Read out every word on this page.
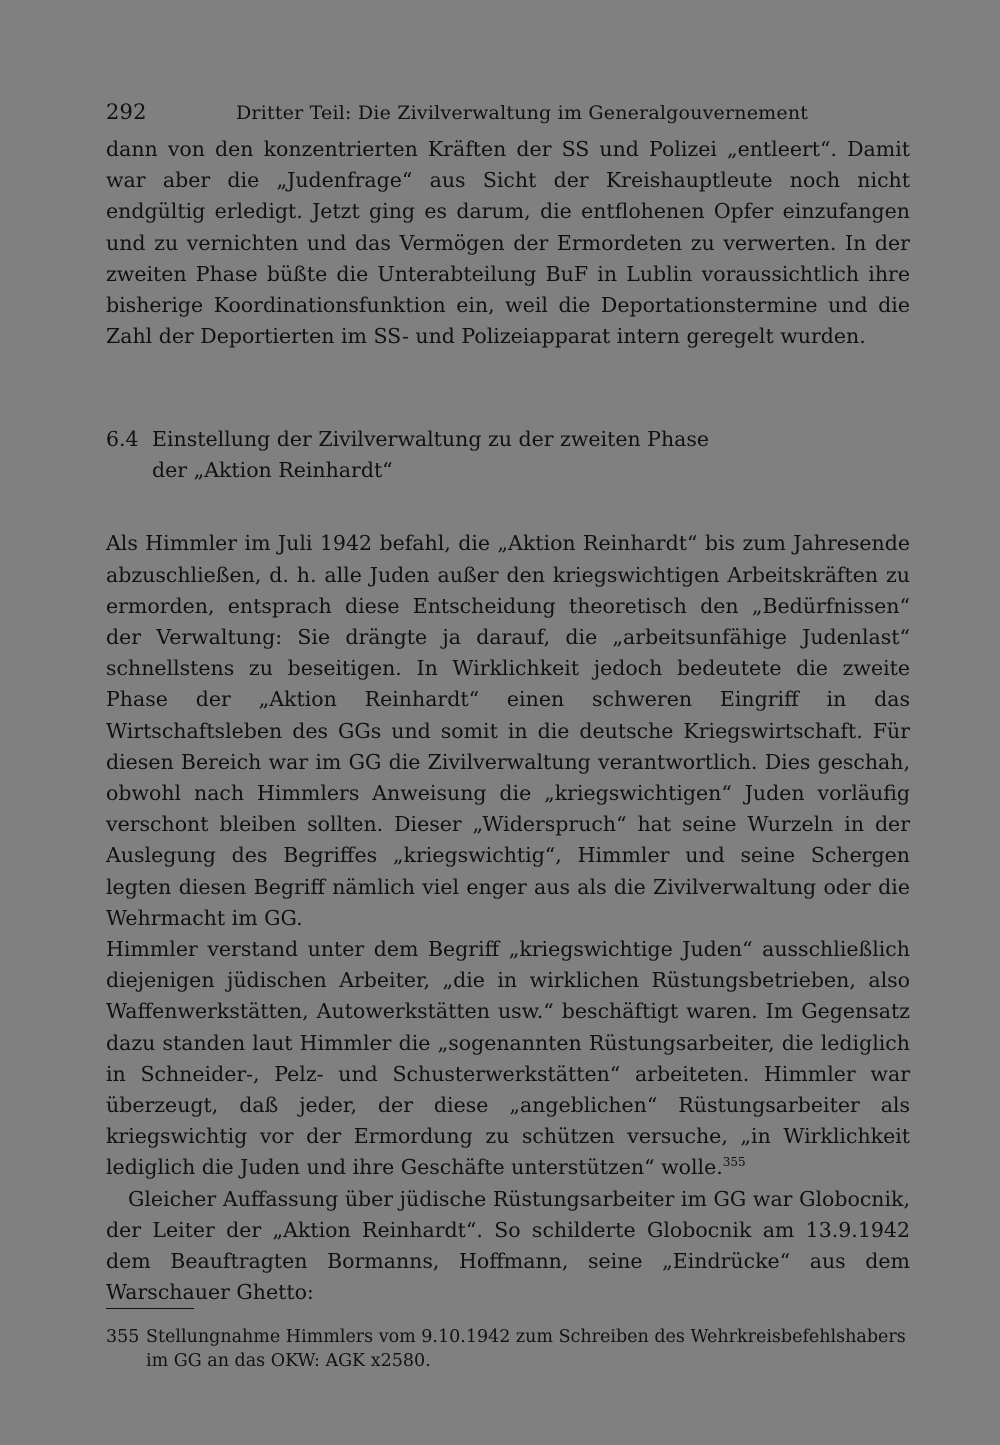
292	Dritter Teil: Die Zivilverwaltung im Generalgouvernement

dann von den konzentrierten Kräften der SS und Polizei „entleert“. Damit war aber die „Judenfrage“ aus Sicht der Kreishauptleute noch nicht endgültig erledigt. Jetzt ging es darum, die entflohenen Opfer einzufangen und zu vernichten und das Vermögen der Ermordeten zu verwerten. In der zweiten Phase büßte die Unterabteilung BuF in Lublin voraussichtlich ihre bisherige Koordinationsfunktion ein, weil die Deportationstermine und die Zahl der Deportierten im SS- und Polizeiapparat intern geregelt wurden.

6.4 Einstellung der Zivilverwaltung zu der zweiten Phase
der „Aktion Reinhardt“

Als Himmler im Juli 1942 befahl, die „Aktion Reinhardt“ bis zum Jahresende abzuschließen, d. h. alle Juden außer den kriegswichtigen Arbeitskräften zu ermorden, entsprach diese Entscheidung theoretisch den „Bedürfnissen“ der Verwaltung: Sie drängte ja darauf, die „arbeitsunfähige Judenlast“ schnellstens zu beseitigen. In Wirklichkeit jedoch bedeutete die zweite Phase der „Aktion Reinhardt“ einen schweren Eingriff in das Wirtschaftsleben des GGs und somit in die deutsche Kriegswirtschaft. Für diesen Bereich war im GG die Zivilverwaltung verantwortlich. Dies geschah, obwohl nach Himmlers Anweisung die „kriegswichtigen“ Juden vorläufig verschont bleiben sollten. Dieser „Widerspruch“ hat seine Wurzeln in der Auslegung des Begriffes „kriegswichtig“, Himmler und seine Schergen legten diesen Begriff nämlich viel enger aus als die Zivilverwaltung oder die Wehrmacht im GG.

Himmler verstand unter dem Begriff „kriegswichtige Juden“ ausschließlich diejenigen jüdischen Arbeiter, „die in wirklichen Rüstungsbetrieben, also Waffenwerkstätten, Autowerkstätten usw.“ beschäftigt waren. Im Gegensatz dazu standen laut Himmler die „sogenannten Rüstungsarbeiter, die lediglich in Schneider-, Pelz- und Schusterwerkstätten“ arbeiteten. Himmler war überzeugt, daß jeder, der diese „angeblichen“ Rüstungsarbeiter als kriegswichtig vor der Ermordung zu schützen versuche, „in Wirklichkeit lediglich die Juden und ihre Geschäfte unterstützen“ wolle.$^{355}$

Gleicher Auffassung über jüdische Rüstungsarbeiter im GG war Globocnik, der Leiter der „Aktion Reinhardt“. So schilderte Globocnik am 13.9.1942 dem Beauftragten Bormanns, Hoffmann, seine „Eindrücke“ aus dem Warschauer Ghetto:

355 Stellungnahme Himmlers vom 9.10.1942 zum Schreiben des Wehrkreisbefehlshabers im GG an das OKW: AGK x2580.
